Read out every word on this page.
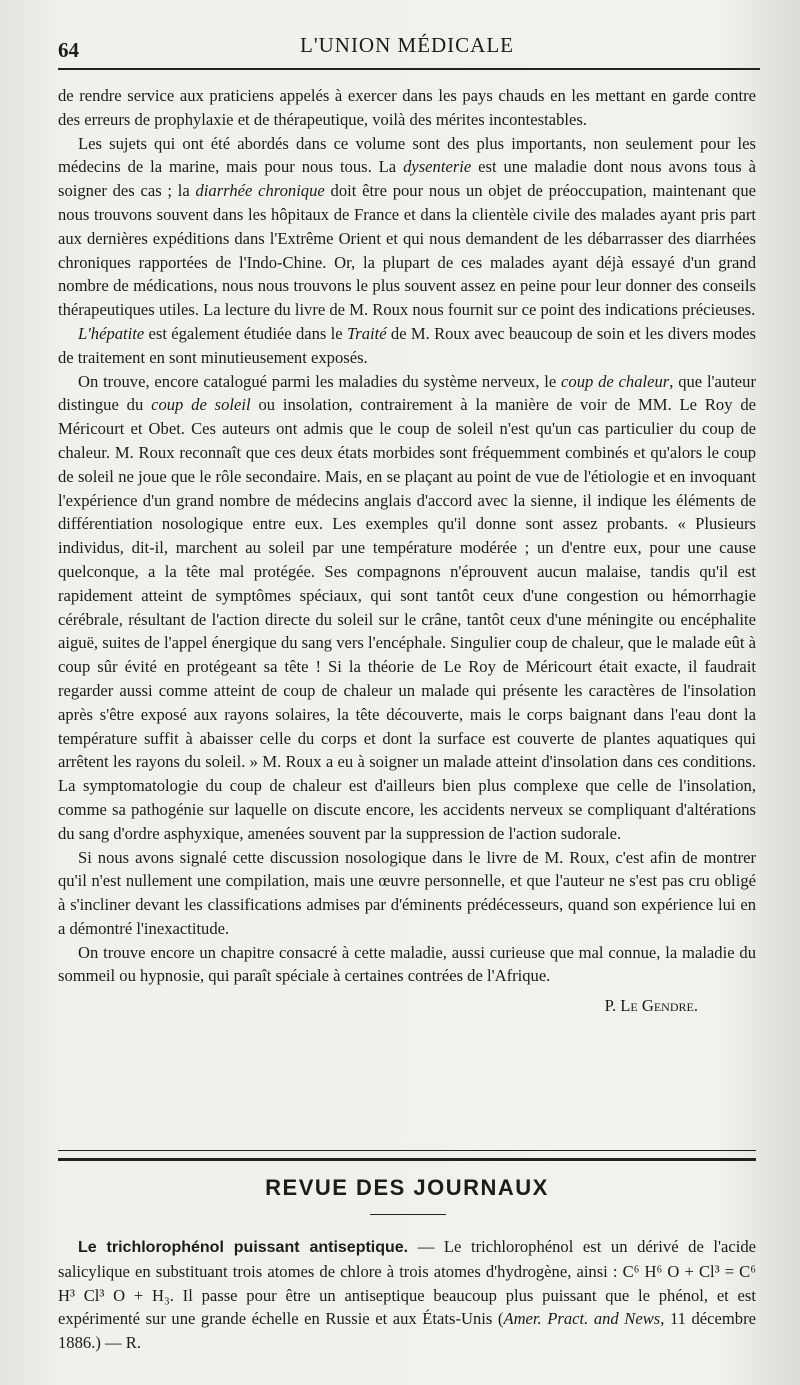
64	L'UNION MÉDICALE

de rendre service aux praticiens appelés à exercer dans les pays chauds en les mettant en garde contre des erreurs de prophylaxie et de thérapeutique, voilà des mérites incontestables.

Les sujets qui ont été abordés dans ce volume sont des plus importants, non seulement pour les médecins de la marine, mais pour nous tous. La dysenterie est une maladie dont nous avons tous à soigner des cas ; la diarrhée chronique doit être pour nous un objet de préoccupation, maintenant que nous trouvons souvent dans les hôpitaux de France et dans la clientèle civile des malades ayant pris part aux dernières expéditions dans l'Extrême Orient et qui nous demandent de les débarrasser des diarrhées chroniques rapportées de l'Indo-Chine. Or, la plupart de ces malades ayant déjà essayé d'un grand nombre de médications, nous nous trouvons le plus souvent assez en peine pour leur donner des conseils thérapeutiques utiles. La lecture du livre de M. Roux nous fournit sur ce point des indications précieuses.

L'hépatite est également étudiée dans le Traité de M. Roux avec beaucoup de soin et les divers modes de traitement en sont minutieusement exposés.

On trouve, encore catalogué parmi les maladies du système nerveux, le coup de chaleur, que l'auteur distingue du coup de soleil ou insolation, contrairement à la manière de voir de MM. Le Roy de Méricourt et Obet. Ces auteurs ont admis que le coup de soleil n'est qu'un cas particulier du coup de chaleur. M. Roux reconnaît que ces deux états morbides sont fréquemment combinés et qu'alors le coup de soleil ne joue que le rôle secondaire. Mais, en se plaçant au point de vue de l'étiologie et en invoquant l'expérience d'un grand nombre de médecins anglais d'accord avec la sienne, il indique les éléments de différentiation nosologique entre eux. Les exemples qu'il donne sont assez probants. « Plusieurs individus, dit-il, marchent au soleil par une température modérée ; un d'entre eux, pour une cause quelconque, a la tête mal protégée. Ses compagnons n'éprouvent aucun malaise, tandis qu'il est rapidement atteint de symptômes spéciaux, qui sont tantôt ceux d'une congestion ou hémorrhagie cérébrale, résultant de l'action directe du soleil sur le crâne, tantôt ceux d'une méningite ou encéphalite aiguë, suites de l'appel énergique du sang vers l'encéphale. Singulier coup de chaleur, que le malade eût à coup sûr évité en protégeant sa tête ! Si la théorie de Le Roy de Méricourt était exacte, il faudrait regarder aussi comme atteint de coup de chaleur un malade qui présente les caractères de l'insolation après s'être exposé aux rayons solaires, la tête découverte, mais le corps baignant dans l'eau dont la température suffit à abaisser celle du corps et dont la surface est couverte de plantes aquatiques qui arrêtent les rayons du soleil. » M. Roux a eu à soigner un malade atteint d'insolation dans ces conditions. La symptomatologie du coup de chaleur est d'ailleurs bien plus complexe que celle de l'insolation, comme sa pathogénie sur laquelle on discute encore, les accidents nerveux se compliquant d'altérations du sang d'ordre asphyxique, amenées souvent par la suppression de l'action sudorale.

Si nous avons signalé cette discussion nosologique dans le livre de M. Roux, c'est afin de montrer qu'il n'est nullement une compilation, mais une œuvre personnelle, et que l'auteur ne s'est pas cru obligé à s'incliner devant les classifications admises par d'éminents prédécesseurs, quand son expérience lui en a démontré l'inexactitude.

On trouve encore un chapitre consacré à cette maladie, aussi curieuse que mal connue, la maladie du sommeil ou hypnosie, qui paraît spéciale à certaines contrées de l'Afrique.

P. Le Gendre.

REVUE DES JOURNAUX

Le trichlorophénol puissant antiseptique. — Le trichlorophénol est un dérivé de l'acide salicylique en substituant trois atomes de chlore à trois atomes d'hydrogène, ainsi : C⁶ H⁶ O + Cl³ = C⁶ H³ Cl³ O + H₃. Il passe pour être un antiseptique beaucoup plus puissant que le phénol, et est expérimenté sur une grande échelle en Russie et aux États-Unis (Amer. Pract. and News, 11 décembre 1886.) — R.
